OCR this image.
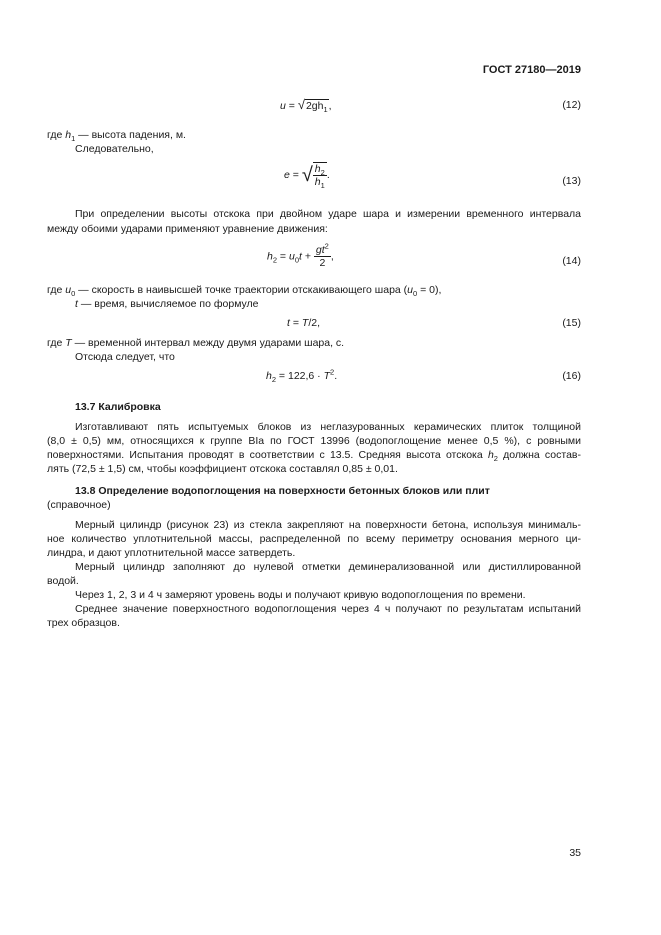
ГОСТ 27180—2019
$u = √2gh_1$,	(12)
где $h_1$ — высота падения, м.
Следовательно,
e = √ $\frac{h_2}{h_1}$ .
(13)
При определении высоты отскока при двойном ударе шара и измерении временного интервала
между обоими ударами применяют уравнение движения:
$h_2 = u_0t + \frac{gt^2}{2}$ ,	(14)
где $u_0$ — скорость в наивысшей точке траектории отскакивающего шара $(u_0 = 0)$,
t — время, вычисляемое по формуле
t = T/2,	(15)
где T — временной интервал между двумя ударами шара, с.
Отсюда следует, что
$h_2 = 122,6 \cdot T^2$.	(16)
13.7 Калибровка
Изготавливают пять испытуемых блоков из неглазурованных керамических плиток толщиной
(8,0 ± 0,5) мм, относящихся к группе BIa по ГОСТ 13996 (водопоглощение менее 0,5 %), с ровными
поверхностями. Испытания проводят в соответствии с 13.5. Средняя высота отскока $h_2$ должна состав-
лять (72,5 ± 1,5) см, чтобы коэффициент отскока составлял 0,85 ± 0,01.
13.8 Определение водопоглощения на поверхности бетонных блоков или плит
(справочное)
Мерный цилиндр (рисунок 23) из стекла закрепляют на поверхности бетона, используя минималь-
ное количество уплотнительной массы, распределенной по всему периметру основания мерного ци-
линдра, и дают уплотнительной массе затвердеть.
Мерный цилиндр заполняют до нулевой отметки деминерализованной или дистиллированной
водой.
Через 1, 2, 3 и 4 ч замеряют уровень воды и получают кривую водопоглощения по времени.
Среднее значение поверхностного водопоглощения через 4 ч получают по результатам испытаний
трех образцов.
35
